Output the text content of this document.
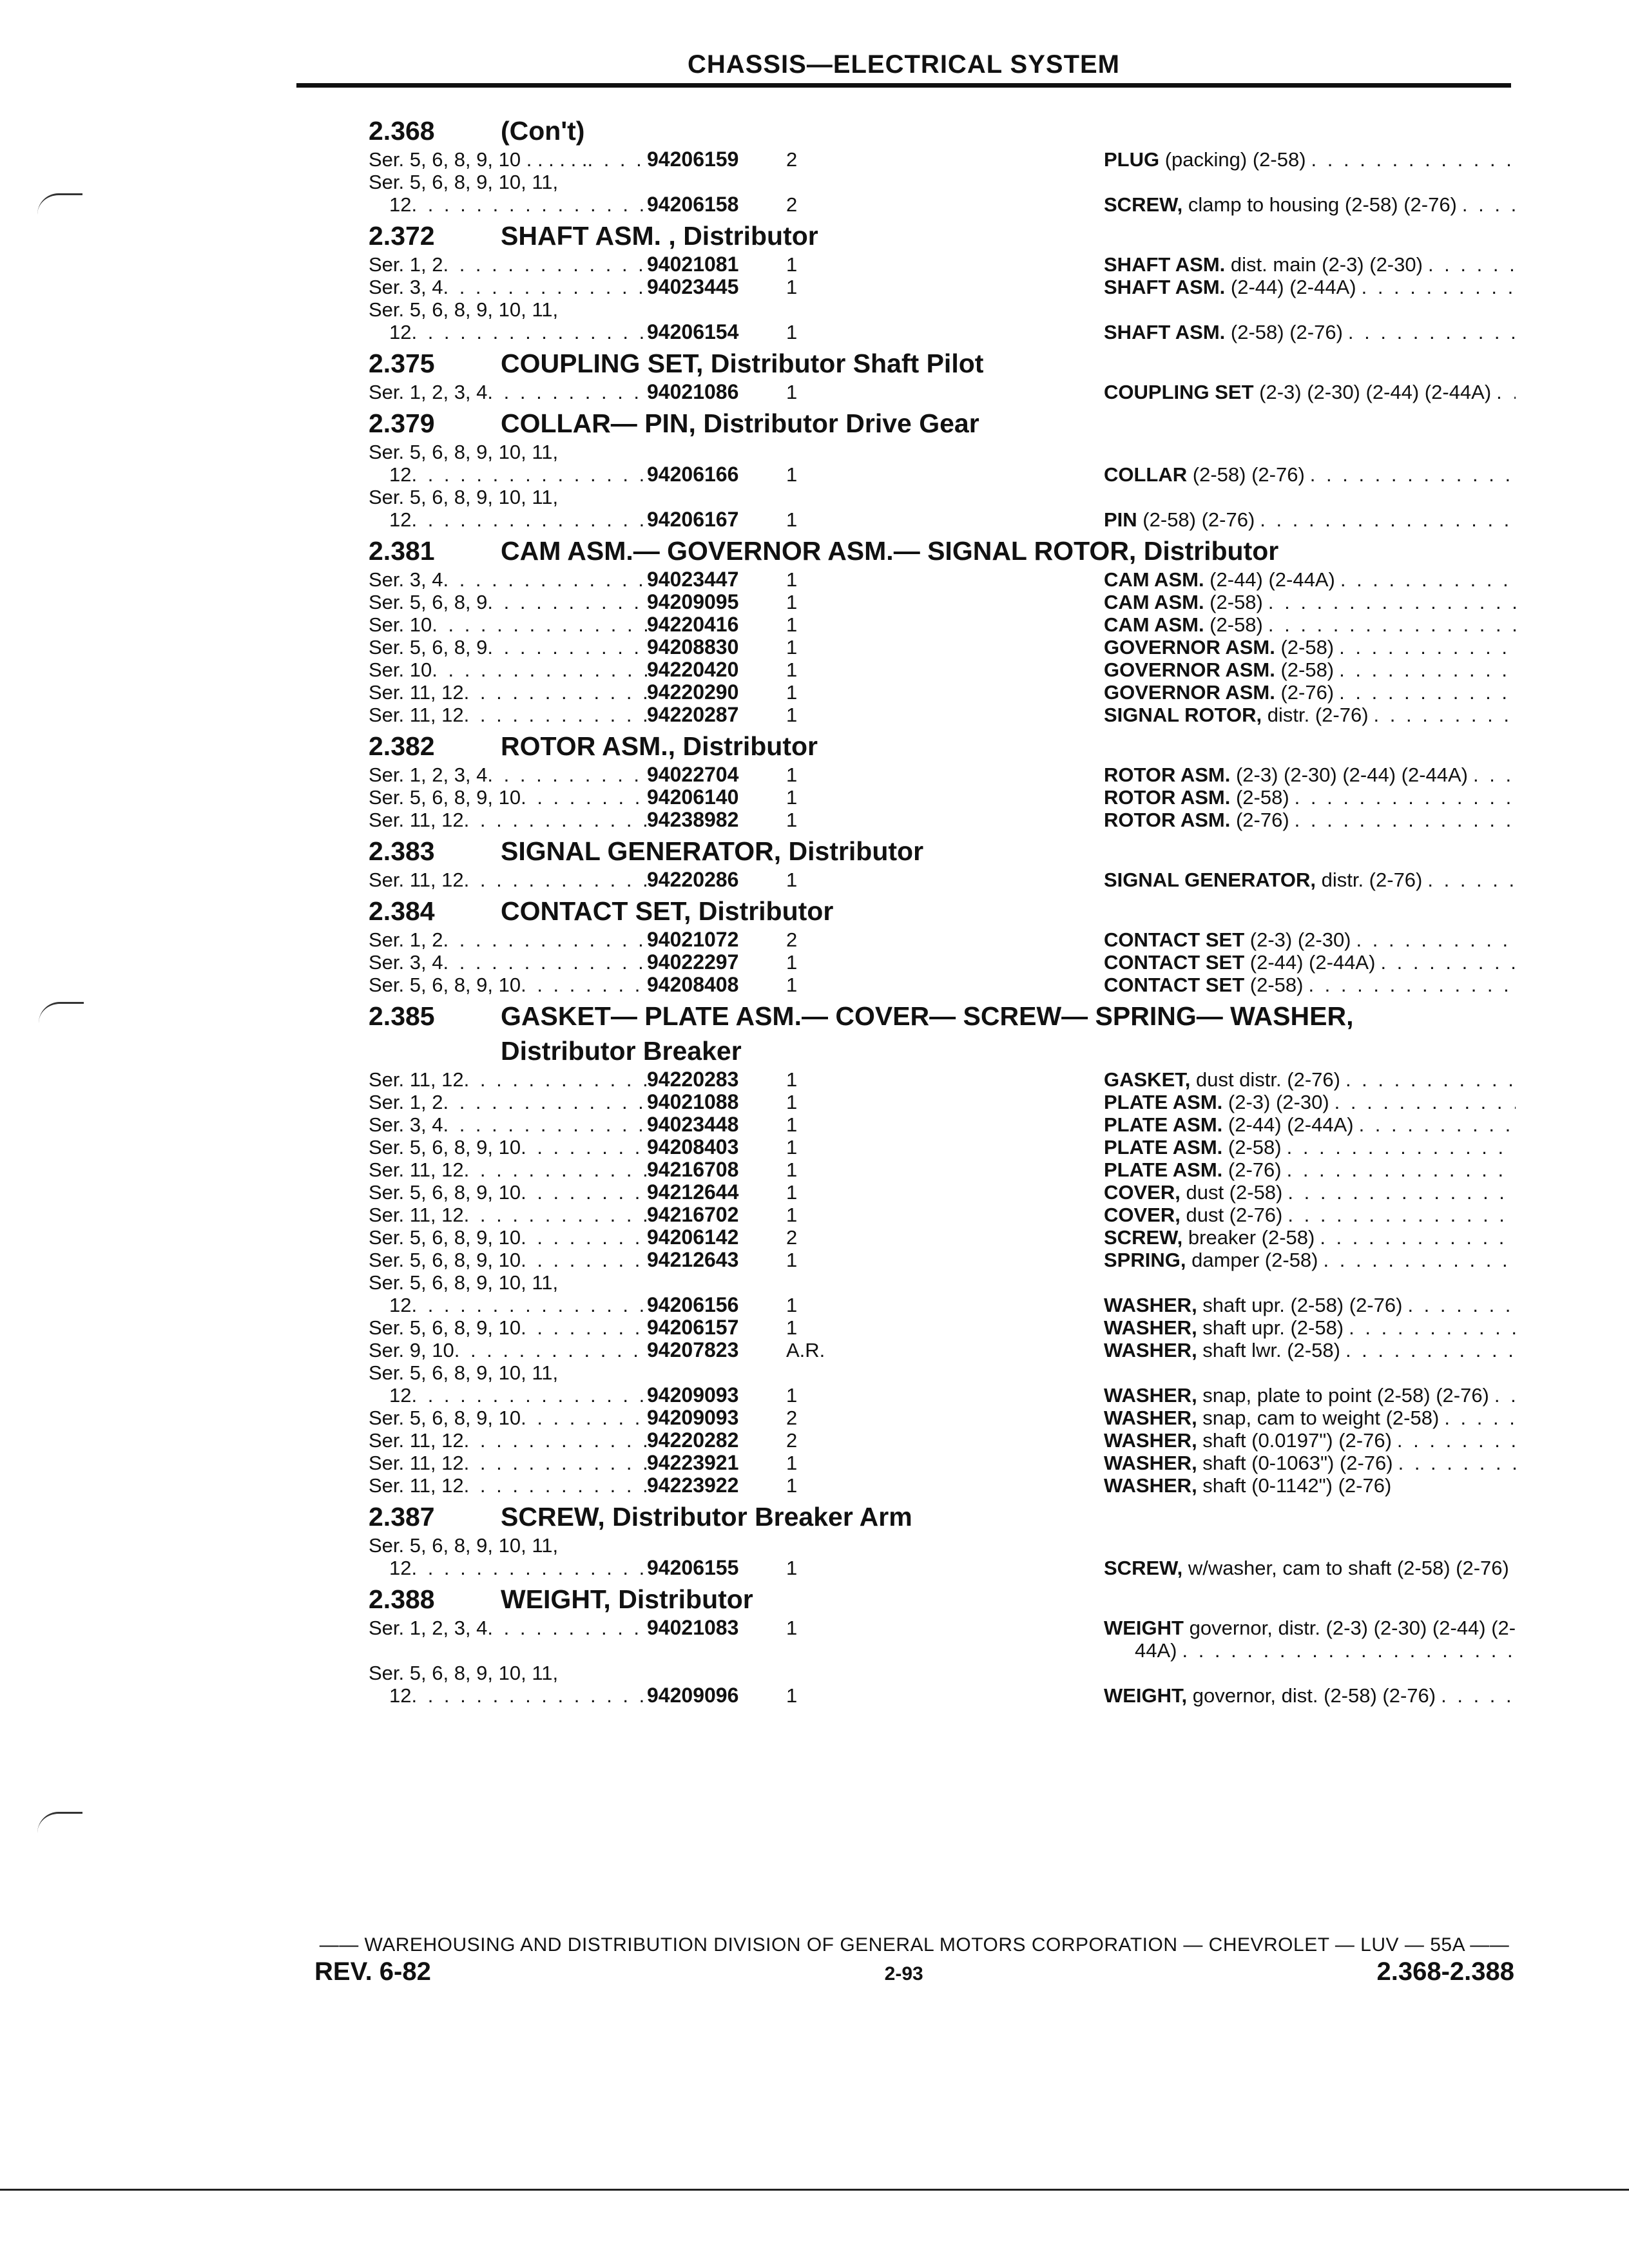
CHASSIS—ELECTRICAL SYSTEM
2.368	(Con't)
Ser. 5, 6, 8, 9, 10 . . . . . . . . .	94206159	2	PLUG (packing) (2-58)
. . .
Ser. 5, 6, 8, 9, 10, 11,
12 . . .	94206158	2	SCREW, clamp to housing (2-58) (2-76)
. . .
2.372	SHAFT ASM. , Distributor
Ser. 1, 2 . . .	94021081	1	SHAFT ASM. dist. main (2-3) (2-30)
. . .
Ser. 3, 4 . . .	94023445	1	SHAFT ASM. (2-44) (2-44A)
. . .
Ser. 5, 6, 8, 9, 10, 11,
12 . . .	94206154	1	SHAFT ASM. (2-58) (2-76)
. . .
2.375	COUPLING SET, Distributor Shaft Pilot
Ser. 1, 2, 3, 4 . . .	94021086	1	COUPLING SET (2-3) (2-30) (2-44) (2-44A)
. . .
2.379	COLLAR— PIN, Distributor Drive Gear
Ser. 5, 6, 8, 9, 10, 11,
12 . . .	94206166	1	COLLAR (2-58) (2-76)
. . .
Ser. 5, 6, 8, 9, 10, 11,
12 . . .	94206167	1	PIN (2-58) (2-76)
. . .
2.381	CAM ASM.— GOVERNOR ASM.— SIGNAL ROTOR, Distributor
Ser. 3, 4 . . .	94023447	1	CAM ASM. (2-44) (2-44A)
. . .
Ser. 5, 6, 8, 9 . . .	94209095	1	CAM ASM. (2-58)
. . .
Ser. 10 . . .	94220416	1	CAM ASM. (2-58)
. . .
Ser. 5, 6, 8, 9 . . .	94208830	1	GOVERNOR ASM. (2-58)
. . .
Ser. 10 . . .	94220420	1	GOVERNOR ASM. (2-58)
. . .
Ser. 11, 12 . . .	94220290	1	GOVERNOR ASM. (2-76)
. . .
Ser. 11, 12 . . .	94220287	1	SIGNAL ROTOR, distr. (2-76)
. . .
2.382	ROTOR ASM., Distributor
Ser. 1, 2, 3, 4 . . .	94022704	1	ROTOR ASM. (2-3) (2-30) (2-44) (2-44A)
. . .
Ser. 5, 6, 8, 9, 10 . . .	94206140	1	ROTOR ASM. (2-58)
. . .
Ser. 11, 12 . . .	94238982	1	ROTOR ASM. (2-76)
. . .
2.383	SIGNAL GENERATOR, Distributor
Ser. 11, 12 . . .	94220286	1	SIGNAL GENERATOR, distr. (2-76)
. . .
2.384	CONTACT SET, Distributor
Ser. 1, 2 . . .	94021072	2	CONTACT SET (2-3) (2-30)
. . .
Ser. 3, 4 . . .	94022297	1	CONTACT SET (2-44) (2-44A)
. . .
Ser. 5, 6, 8, 9, 10 . . .	94208408	1	CONTACT SET (2-58)
. . .
2.385	GASKET— PLATE ASM.— COVER— SCREW— SPRING— WASHER,
Distributor Breaker
Ser. 11, 12 . . .	94220283	1	GASKET, dust distr. (2-76)
. . .
Ser. 1, 2 . . .	94021088	1	PLATE ASM. (2-3) (2-30)
. . .
Ser. 3, 4 . . .	94023448	1	PLATE ASM. (2-44) (2-44A)
. . .
Ser. 5, 6, 8, 9, 10 . . .	94208403	1	PLATE ASM. (2-58)
. . .
Ser. 11, 12 . . .	94216708	1	PLATE ASM. (2-76)
. . .
Ser. 5, 6, 8, 9, 10 . . .	94212644	1	COVER, dust (2-58)
. . .
Ser. 11, 12 . . .	94216702	1	COVER, dust (2-76)
. . .
Ser. 5, 6, 8, 9, 10 . . .	94206142	2	SCREW, breaker (2-58)
. . .
Ser. 5, 6, 8, 9, 10 . . .	94212643	1	SPRING, damper (2-58)
. . .
Ser. 5, 6, 8, 9, 10, 11,
12 . . .	94206156	1	WASHER, shaft upr. (2-58) (2-76)
. . .
Ser. 5, 6, 8, 9, 10 . . .	94206157	1	WASHER, shaft upr. (2-58)
. . .
Ser. 9, 10 . . .	94207823	A.R.	WASHER, shaft lwr. (2-58)
. . .
Ser. 5, 6, 8, 9, 10, 11,
12 . . .	94209093	1	WASHER, snap, plate to point (2-58) (2-76)
. . .
Ser. 5, 6, 8, 9, 10 . . .	94209093	2	WASHER, snap, cam to weight (2-58)
. . .
Ser. 11, 12 . . .	94220282	2	WASHER, shaft (0.0197") (2-76)
. . .
Ser. 11, 12 . . .	94223921	1	WASHER, shaft (0-1063") (2-76)
. . .
Ser. 11, 12 . . .	94223922	1	WASHER, shaft (0-1142") (2-76)
2.387	SCREW, Distributor Breaker Arm
Ser. 5, 6, 8, 9, 10, 11,
12 . . .	94206155	1	SCREW, w/washer, cam to shaft (2-58) (2-76)
. . .
2.388	WEIGHT, Distributor
Ser. 1, 2, 3, 4 . . .	94021083	1	WEIGHT governor, distr. (2-3) (2-30) (2-44) (2-
44A)
. . .
Ser. 5, 6, 8, 9, 10, 11,
12 . . .	94209096	1	WEIGHT, governor, dist. (2-58) (2-76)
. . .
—— WAREHOUSING AND DISTRIBUTION DIVISION OF GENERAL MOTORS CORPORATION — CHEVROLET — LUV — 55A ——
REV. 6-82	2-93	2.368-2.388
